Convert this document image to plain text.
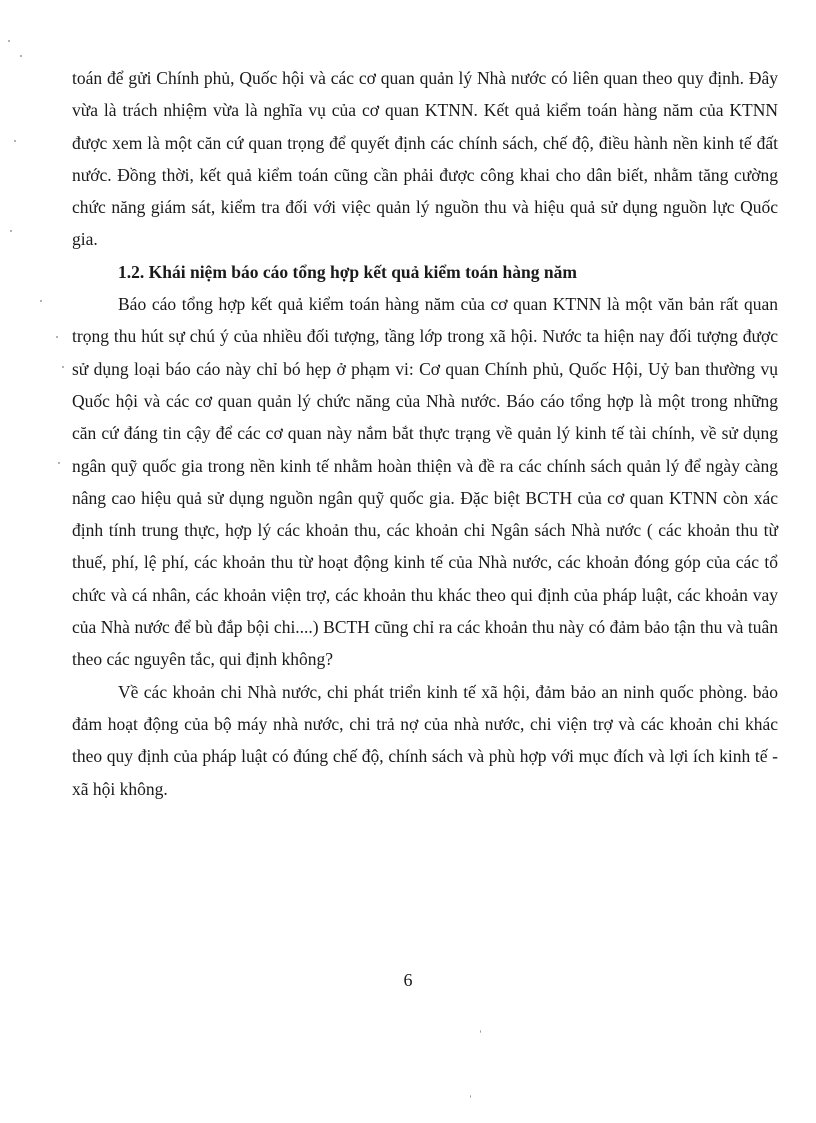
toán để gửi Chính phủ, Quốc hội và các cơ quan quản lý Nhà nước có liên quan theo quy định. Đây vừa là trách nhiệm vừa là nghĩa vụ của cơ quan KTNN. Kết quả kiểm toán hàng năm của KTNN được xem là một căn cứ quan trọng để quyết định các chính sách, chế độ, điều hành nền kinh tế đất nước. Đồng thời, kết quả kiểm toán cũng cần phải được công khai cho dân biết, nhằm tăng cường chức năng giám sát, kiểm tra đối với việc quản lý nguồn thu và hiệu quả sử dụng nguồn lực Quốc gia.

1.2. Khái niệm báo cáo tổng hợp kết quả kiểm toán hàng năm

Báo cáo tổng hợp kết quả kiểm toán hàng năm của cơ quan KTNN là một văn bản rất quan trọng thu hút sự chú ý của nhiều đối tượng, tầng lớp trong xã hội. Nước ta hiện nay đối tượng được sử dụng loại báo cáo này chỉ bó hẹp ở phạm vi: Cơ quan Chính phủ, Quốc Hội, Uỷ ban thường vụ Quốc hội và các cơ quan quản lý chức năng của Nhà nước. Báo cáo tổng hợp là một trong những căn cứ đáng tin cậy để các cơ quan này nắm bắt thực trạng về quản lý kinh tế tài chính, về sử dụng ngân quỹ quốc gia trong nền kinh tế nhằm hoàn thiện và đề ra các chính sách quản lý để ngày càng nâng cao hiệu quả sử dụng nguồn ngân quỹ quốc gia. Đặc biệt BCTH của cơ quan KTNN còn xác định tính trung thực, hợp lý các khoản thu, các khoản chi Ngân sách Nhà nước ( các khoản thu từ thuế, phí, lệ phí, các khoản thu từ hoạt động kinh tế của Nhà nước, các khoản đóng góp của các tổ chức và cá nhân, các khoản viện trợ, các khoản thu khác theo qui định của pháp luật, các khoản vay của Nhà nước để bù đắp bội chi....) BCTH cũng chỉ ra các khoản thu này có đảm bảo tận thu và tuân theo các nguyên tắc, qui định không?

Về các khoản chi Nhà nước, chi phát triển kinh tế xã hội, đảm bảo an ninh quốc phòng. bảo đảm hoạt động của bộ máy nhà nước, chi trả nợ của nhà nước, chi viện trợ và các khoản chi khác theo quy định của pháp luật có đúng chế độ, chính sách và phù hợp với mục đích và lợi ích kinh tế - xã hội không.

6
